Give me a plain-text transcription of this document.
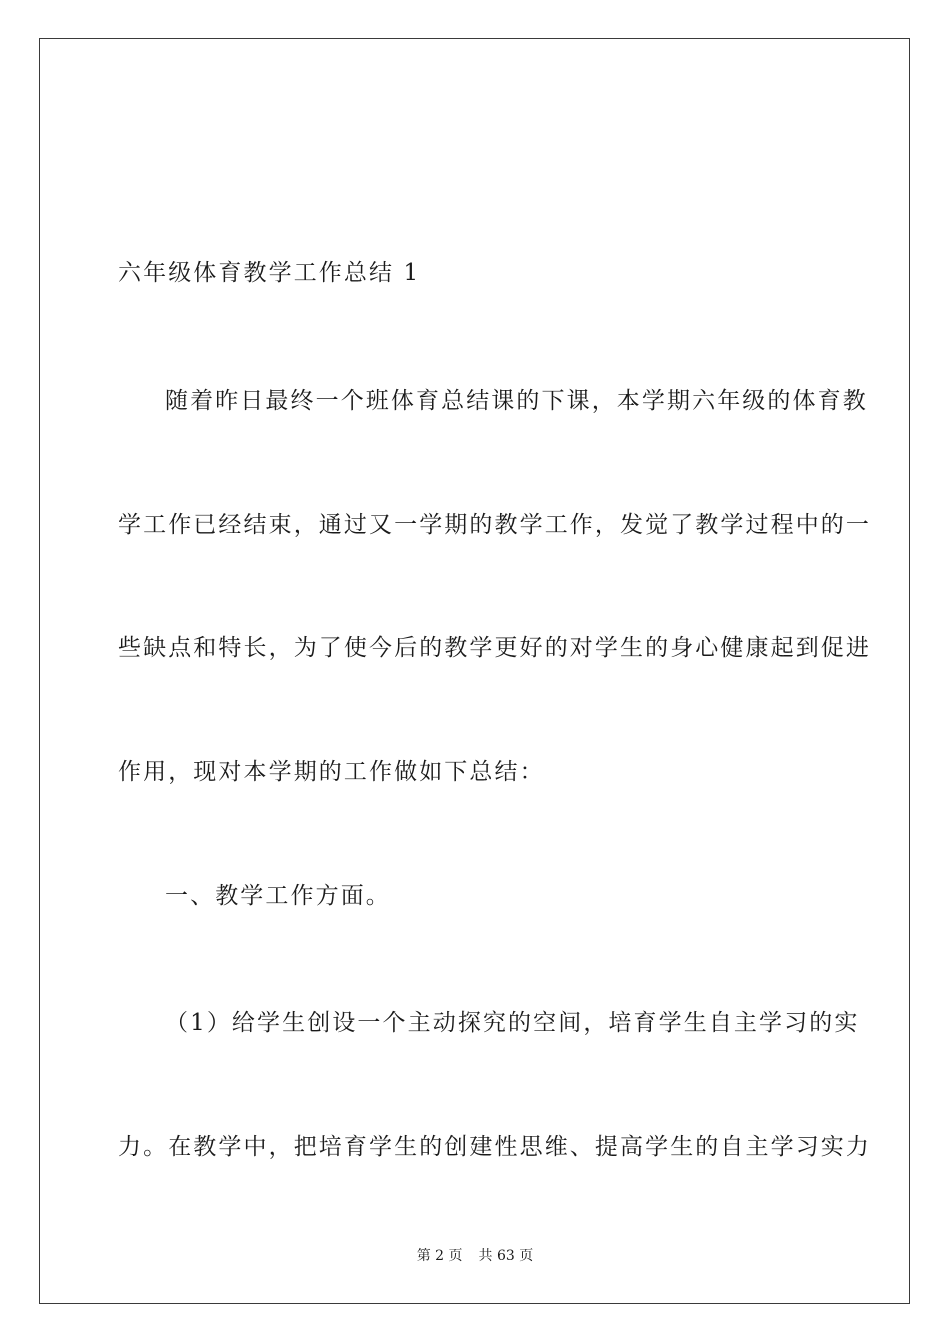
六年级体育教学工作总结 1
随着昨日最终一个班体育总结课的下课，本学期六年级的体育教
学工作已经结束，通过又一学期的教学工作，发觉了教学过程中的一
些缺点和特长，为了使今后的教学更好的对学生的身心健康起到促进
作用，现对本学期的工作做如下总结：
一、教学工作方面。
（1）给学生创设一个主动探究的空间，培育学生自主学习的实
力。在教学中，把培育学生的创建性思维、提高学生的自主学习实力
第 2 页 共 63 页
